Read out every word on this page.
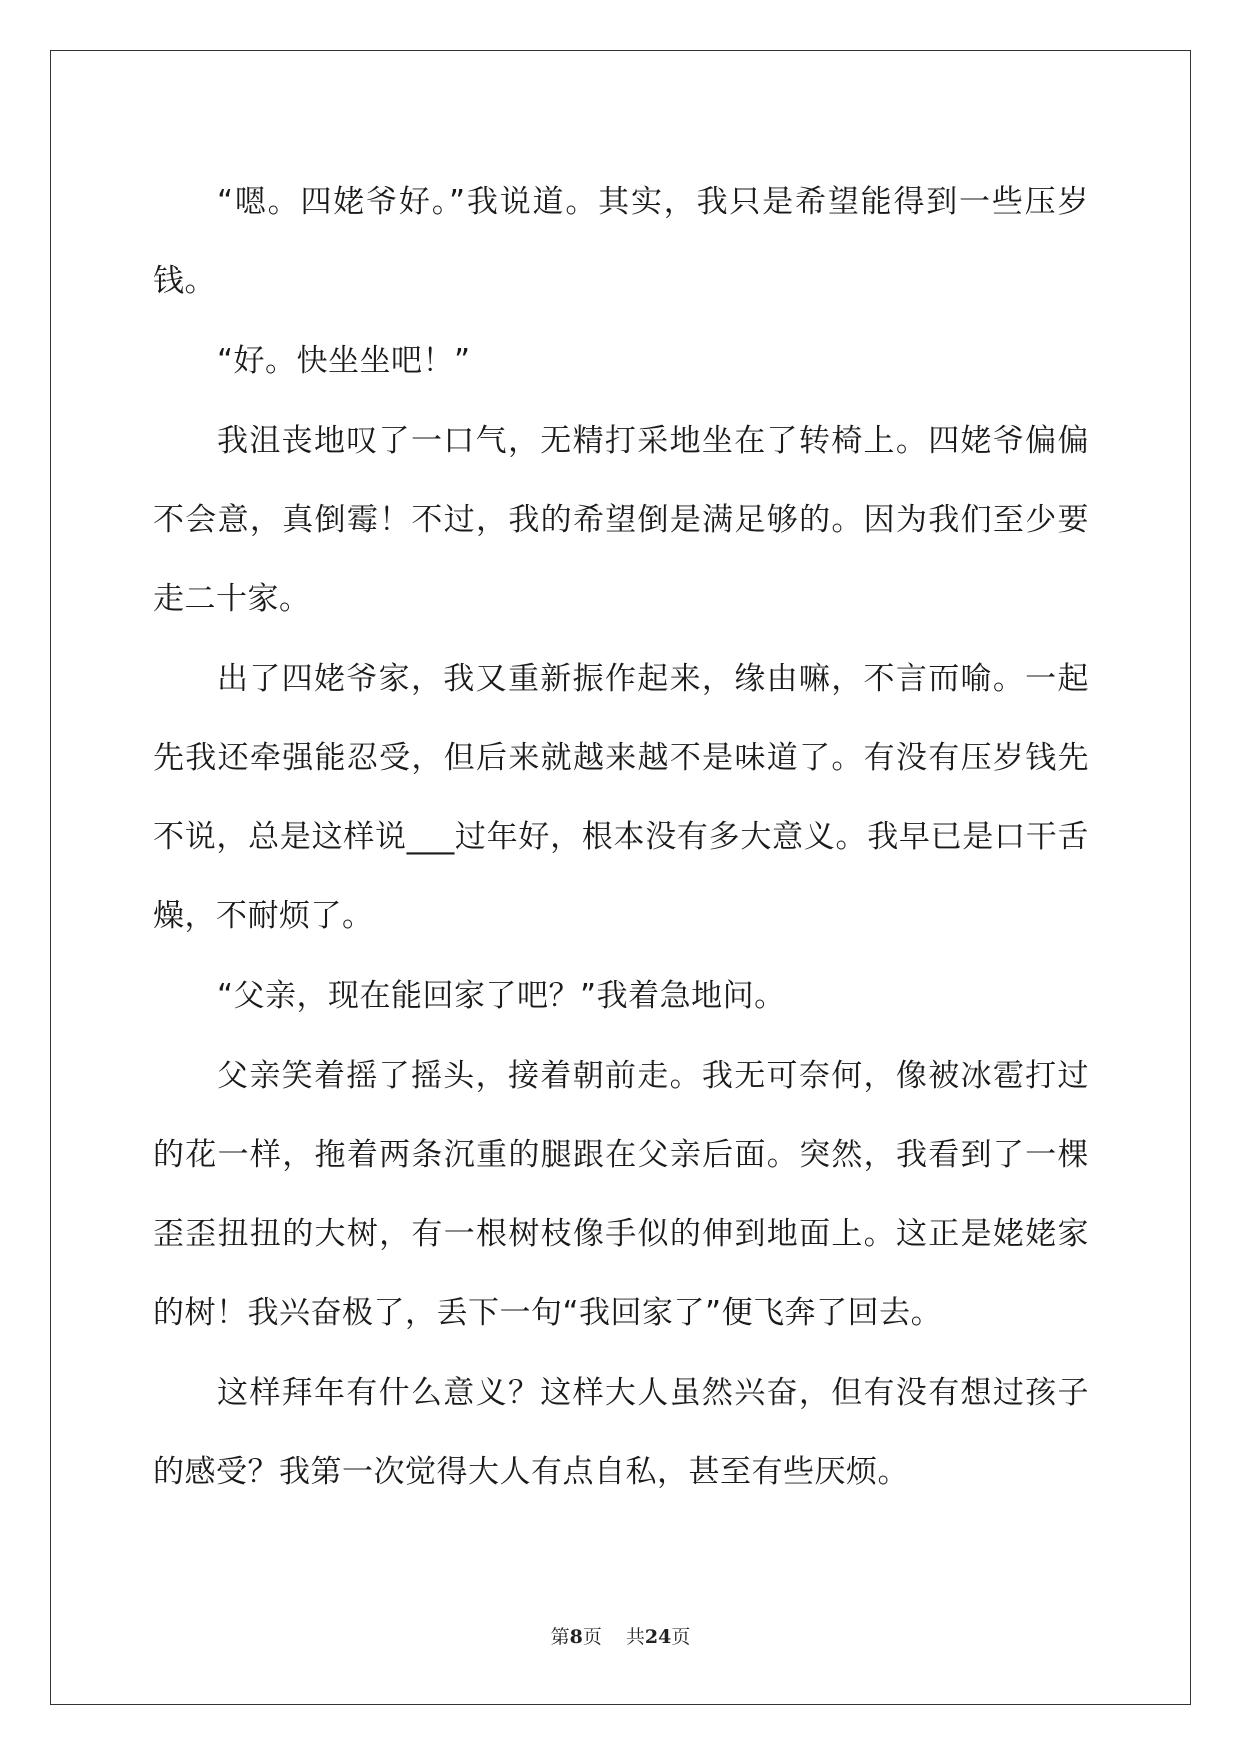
“嗯。四姥爷好。”我说道。其实，我只是希望能得到一些压岁钱。

“好。快坐坐吧！”

我沮丧地叹了一口气，无精打采地坐在了转椅上。四姥爷偏偏不会意，真倒霉！不过，我的希望倒是满足够的。因为我们至少要走二十家。

出了四姥爷家，我又重新振作起来，缘由嘛，不言而喻。一起先我还牵强能忍受，但后来就越来越不是味道了。有没有压岁钱先不说，总是这样说___过年好，根本没有多大意义。我早已是口干舌燥，不耐烦了。

“父亲，现在能回家了吧？”我着急地问。

父亲笑着摇了摇头，接着朝前走。我无可奈何，像被冰雹打过的花一样，拖着两条沉重的腿跟在父亲后面。突然，我看到了一棵歪歪扭扭的大树，有一根树枝像手似的伸到地面上。这正是姥姥家的树！我兴奋极了，丢下一句“我回家了”便飞奔了回去。

这样拜年有什么意义？这样大人虽然兴奋，但有没有想过孩子的感受？我第一次觉得大人有点自私，甚至有些厌烦。

第8页 共24页
